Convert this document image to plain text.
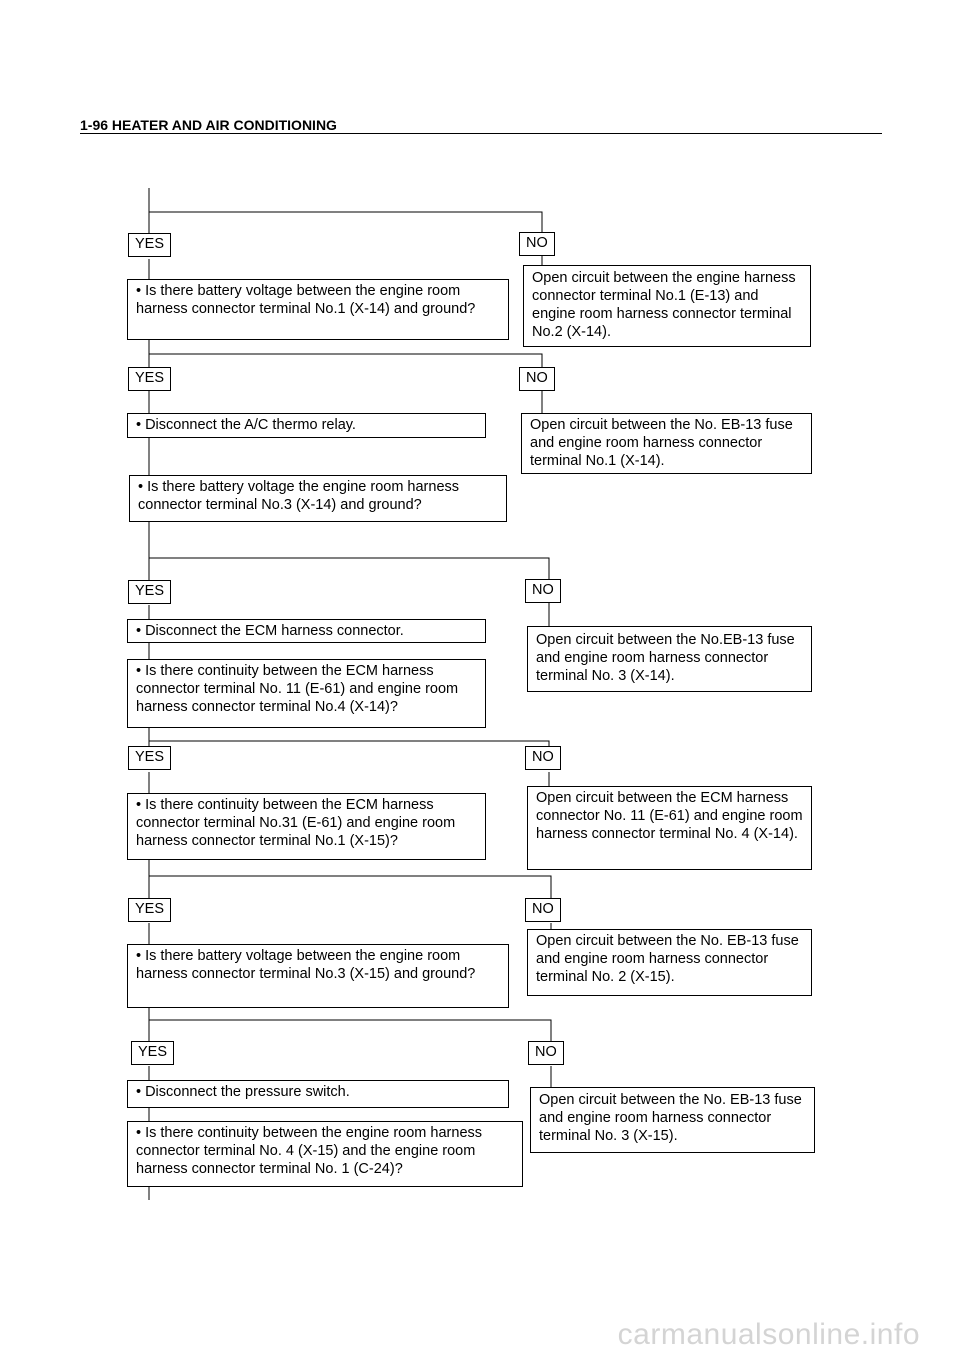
1-96 HEATER AND AIR CONDITIONING
YES	NO
YES	NO
YES	NO
YES	NO
YES	NO
YES	NO
• Is there battery voltage between the engine room harness connector terminal No.1 (X-14) and ground?
• Disconnect the A/C thermo relay.
• Is there battery voltage the engine room harness connector terminal No.3 (X-14) and ground?
• Disconnect the ECM harness connector.
• Is there continuity between the ECM harness connector terminal No. 11 (E-61) and engine room harness connector terminal No.4 (X-14)?
• Is there continuity between the ECM harness connector terminal No.31 (E-61) and engine room harness connector terminal No.1 (X-15)?
• Is there battery voltage between the engine room harness connector terminal No.3 (X-15) and ground?
• Disconnect the pressure switch.
• Is there continuity between the engine room harness connector terminal No. 4 (X-15) and the engine room harness connector terminal No. 1 (C-24)?
Open circuit between the engine harness connector terminal No.1 (E-13) and engine room harness connector terminal No.2 (X-14).
Open circuit between the No. EB-13 fuse and engine room harness connector terminal No.1 (X-14).
Open circuit between the No.EB-13 fuse and engine room harness connector terminal No. 3 (X-14).
Open circuit between the ECM harness connector No. 11 (E-61) and engine room harness connector terminal No. 4 (X-14).
Open circuit between the No. EB-13 fuse and engine room harness connector terminal No. 2 (X-15).
Open circuit between the No. EB-13 fuse and engine room harness connector terminal No. 3 (X-15).
carmanualsonline.info
